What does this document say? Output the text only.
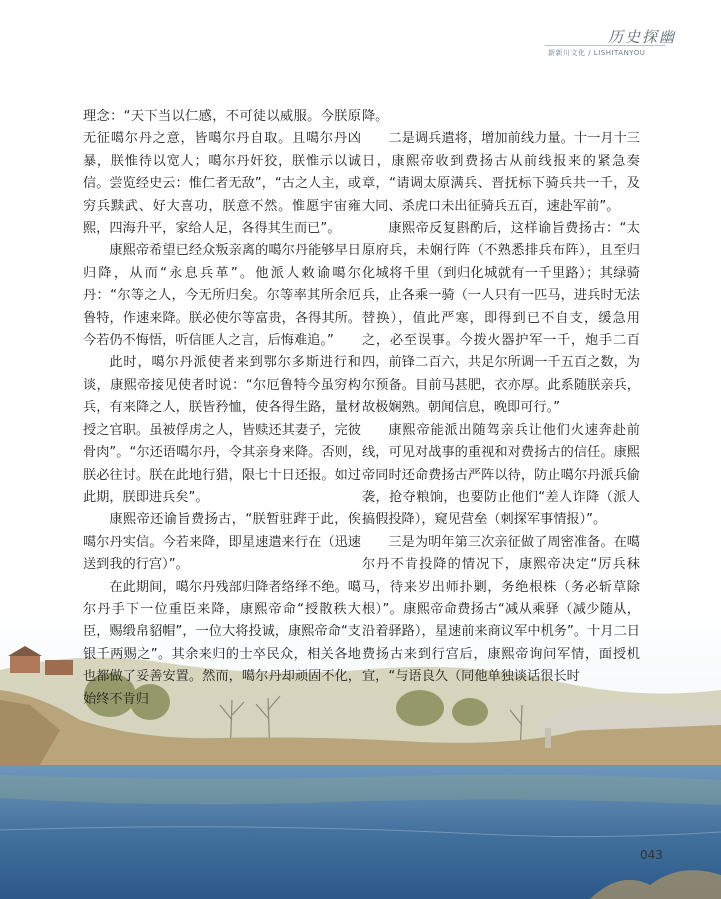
历史探幽
新新川文化 / LISHITANYOU

理念：“天下当以仁感，不可徒以威服。今朕原无征噶尔丹之意，皆噶尔丹自取。且噶尔丹凶暴，朕惟待以宽人；噶尔丹奸狡，朕惟示以诚信。尝览经史云：惟仁者无敌”，“古之人主，或穷兵黩武、好大喜功，朕意不然。惟愿宇宙雍熙，四海升平，家给人足，各得其生而已”。

康熙帝希望已经众叛亲离的噶尔丹能够早日归降，从而“永息兵革”。他派人敕谕噶尔丹：“尔等之人，今无所归矣。尔等率其所余厄鲁特，作速来降。朕必使尔等富贵，各得其所。今若仍不悔悟，听信匪人之言，后悔难追。”

此时，噶尔丹派使者来到鄂尔多斯进行和谈，康熙帝接见使者时说：“尔厄鲁特今虽穷构兵，有来降之人，朕皆矜恤，使各得生路，量材授之官职。虽被俘虏之人，皆赎还其妻子，完彼骨肉”。“尔还语噶尔丹，令其亲身来降。否则，朕必往讨。朕在此地行猎，限七十日还报。如过此期，朕即进兵矣”。

康熙帝还谕旨费扬古，“朕暂驻跸于此，俟噶尔丹实信。今若来降，即星速遣来行在（迅速送到我的行宫）”。

在此期间，噶尔丹残部归降者络绎不绝。噶尔丹手下一位重臣来降，康熙帝命“授散秩大臣，赐缎帛貂帽”，一位大将投诚，康熙帝命“支银千两赐之”。其余来归的士卒民众，相关各地也都做了妥善安置。然而，噶尔丹却顽固不化，始终不肯归

降。

二是调兵遣将，增加前线力量。十一月十三日，康熙帝收到费扬古从前线报来的紧急奏章，“请调太原满兵、晋抚标下骑兵共一千，及大同、杀虎口未出征骑兵五百，速赴军前”。

康熙帝反复斟酌后，这样谕旨费扬古：“太原府兵，未娴行阵（不熟悉排兵布阵），且至归化城将千里（到归化城就有一千里路）；其绿骑兵，止各乘一骑（一人只有一匹马，进兵时无法替换），值此严寒，即得到已不自支，缓急用之，必至误事。今拨火器护军一千，炮手二百四，前锋二百六，共足尔所调一千五百之数，为尔预备。目前马甚肥，衣亦厚。此系随朕亲兵，故极娴熟。朝闻信息，晚即可行。”

康熙帝能派出随驾亲兵让他们火速奔赴前线，可见对战事的重视和对费扬古的信任。康熙帝同时还命费扬古严阵以待，防止噶尔丹派兵偷袭，抢夺粮饷，也要防止他们“差人诈降（派人搞假投降），窥见营垒（刺探军事情报）”。

三是为明年第三次亲征做了周密准备。在噶尔丹不肯投降的情况下，康熙帝决定“厉兵秣马，待来岁出师扑剿，务绝根株（务必斩草除根）”。康熙帝命费扬古“减从乘驿（减少随从，沿着驿路），星速前来商议军中机务”。十月二日费扬古来到行宫后，康熙帝询问军情，面授机宜，“与语良久（同他单独谈话很长时

043
